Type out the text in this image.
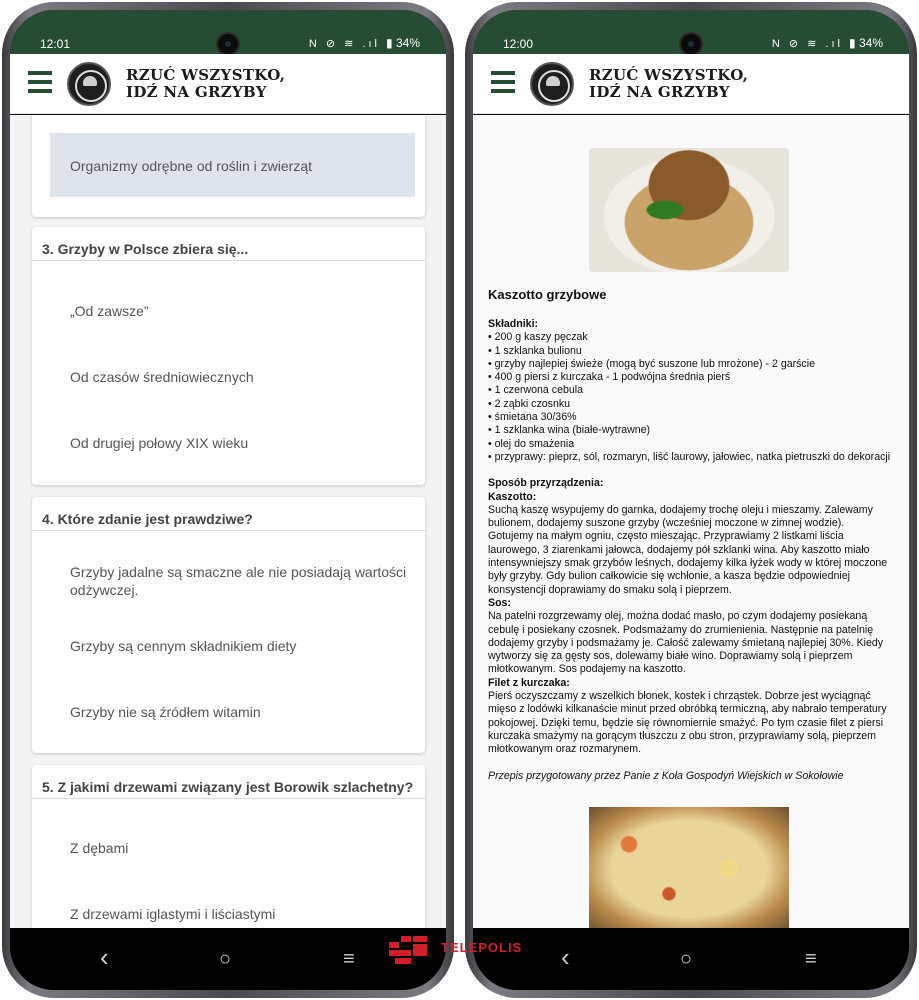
12:01	N ⊘ ≋ .ıl ▮ 34%
RZUĆ WSZYSTKO,
IDŹ NA GRZYBY
Organizmy odrębne od roślin i zwierząt
3. Grzyby w Polsce zbiera się...
„Od zawsze”
Od czasów średniowiecznych
Od drugiej połowy XIX wieku
4. Które zdanie jest prawdziwe?
Grzyby jadalne są smaczne ale nie posiadają wartości odżywczej.
Grzyby są cennym składnikiem diety
Grzyby nie są źródłem witamin
5. Z jakimi drzewami związany jest Borowik szlachetny?
Z dębami
Z drzewami iglastymi i liściastymi
‹	○	≡
12:00	N ⊘ ≋ .ıl ▮ 34%
RZUĆ WSZYSTKO,
IDŹ NA GRZYBY
Kaszotto grzybowe
Składniki:
• 200 g kaszy pęczak
• 1 szklanka bulionu
• grzyby najlepiej świeże (mogą być suszone lub mrożone) - 2 garście
• 400 g piersi z kurczaka - 1 podwójna średnia pierś
• 1 czerwona cebula
• 2 ząbki czosnku
• śmietana 30/36%
• 1 szklanka wina (białe-wytrawne)
• olej do smażenia
• przyprawy: pieprz, sól, rozmaryn, liść laurowy, jałowiec, natka pietruszki do dekoracji
Sposób przyrządzenia:
Kaszotto:
Suchą kaszę wsypujemy do garnka, dodajemy trochę oleju i mieszamy. Zalewamy bulionem, dodajemy suszone grzyby (wcześniej moczone w zimnej wodzie). Gotujemy na małym ogniu, często mieszając. Przyprawiamy 2 listkami liścia laurowego, 3 ziarenkami jałowca, dodajemy pół szklanki wina. Aby kaszotto miało intensywniejszy smak grzybów leśnych, dodajemy kilka łyżek wody w której moczone były grzyby. Gdy bulion całkowicie się wchłonie, a kasza będzie odpowiedniej konsystencji doprawiamy do smaku solą i pieprzem.
Sos:
Na patelni rozgrzewamy olej, można dodać masło, po czym dodajemy posiekaną cebulę i posiekany czosnek. Podsmażamy do zrumienienia. Następnie na patelnię dodajemy grzyby i podsmażamy je. Całość zalewamy śmietaną najlepiej 30%. Kiedy wytworzy się za gęsty sos, dolewamy białe wino. Doprawiamy solą i pieprzem młotkowanym. Sos podajemy na kaszotto.
Filet z kurczaka:
Pierś oczyszczamy z wszelkich błonek, kostek i chrząstek. Dobrze jest wyciągnąć mięso z lodówki kilkanaście minut przed obróbką termiczną, aby nabrało temperatury pokojowej. Dzięki temu, będzie się równomiernie smażyć. Po tym czasie filet z piersi kurczaka smażymy na gorącym tłuszczu z obu stron, przyprawiamy solą, pieprzem młotkowanym oraz rozmarynem.
Przepis przygotowany przez Panie z Koła Gospodyń Wiejskich w Sokołowie
‹	○	≡
TELEPOLIS
